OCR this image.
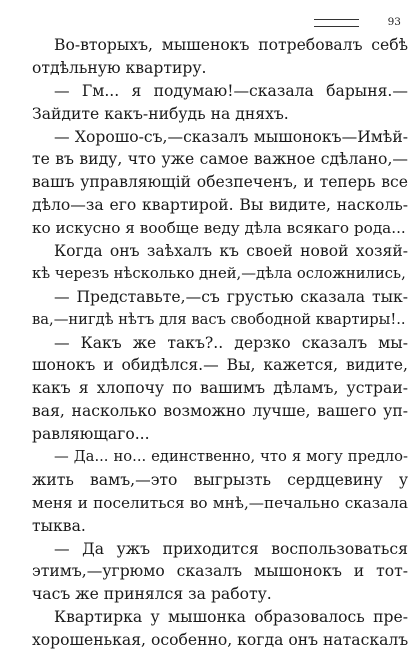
93
Во-вторыхъ, мышенокъ потребовалъ себѣ
отдѣльную квартиру.
— Гм... я подумаю!—сказала барыня.—
Зайдите какъ-нибудь на дняхъ.
— Хорошо-съ,—сказалъ мышонокъ—Имѣй-
те въ виду, что уже самое важное сдѣлано,—
вашъ управляющій обезпеченъ, и теперь все
дѣло—за его квартирой. Вы видите, насколь-
ко искусно я вообще веду дѣла всякаго рода...
Когда онъ заѣхалъ къ своей новой хозяй-
кѣ черезъ нѣсколько дней,—дѣла осложнились,
— Представьте,—съ грустью сказала тык-
ва,—нигдѣ нѣтъ для васъ свободной квартиры!..
— Какъ же такъ?.. дерзко сказалъ мы-
шонокъ и обидѣлся.— Вы, кажется, видите,
какъ я хлопочу по вашимъ дѣламъ, устраи-
вая, насколько возможно лучше, вашего уп-
равляющаго...
— Да... но... единственно, что я могу предло-
жить вамъ,—это выгрызть сердцевину у
меня и поселиться во мнѣ,—печально сказала
тыква.
— Да ужъ приходится воспользоваться
этимъ,—угрюмо сказалъ мышонокъ и тот-
часъ же принялся за работу.
Квартирка у мышонка образовалось пре-
хорошенькая, особенно, когда онъ натаскалъ
